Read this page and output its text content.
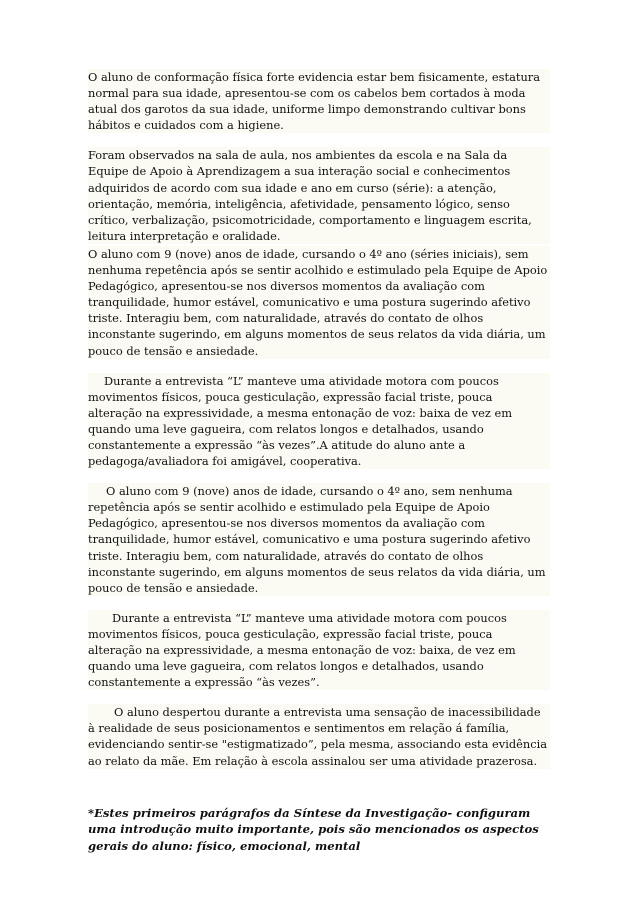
O aluno de conformação física forte evidencia estar bem fisicamente, estatura normal para sua idade, apresentou-se com os cabelos bem cortados à moda atual dos garotos da sua idade, uniforme limpo demonstrando cultivar bons hábitos e cuidados com a higiene.

Foram observados na sala de aula, nos ambientes da escola e na Sala da Equipe de Apoio à Aprendizagem a sua interação social e conhecimentos adquiridos de acordo com sua idade e ano em curso (série): a atenção, orientação, memória, inteligência, afetividade, pensamento lógico, senso crítico, verbalização, psicomotricidade, comportamento e linguagem escrita, leitura interpretação e oralidade.

O aluno com 9 (nove) anos de idade, cursando o 4º ano (séries iniciais), sem nenhuma repetência após se sentir acolhido e estimulado pela Equipe de Apoio Pedagógico, apresentou-se nos diversos momentos da avaliação com tranquilidade, humor estável, comunicativo e uma postura sugerindo afetivo triste. Interagiu bem, com naturalidade, através do contato de olhos inconstante sugerindo, em alguns momentos de seus relatos da vida diária, um pouco de tensão e ansiedade.

Durante a entrevista “L” manteve uma atividade motora com poucos movimentos físicos, pouca gesticulação, expressão facial triste, pouca alteração na expressividade, a mesma entonação de voz: baixa de vez em quando uma leve gagueira, com relatos longos e detalhados, usando constantemente a expressão “às vezes”.A atitude do aluno ante a pedagoga/avaliadora foi amigável, cooperativa.

O aluno com 9 (nove) anos de idade, cursando o 4º ano, sem nenhuma repetência após se sentir acolhido e estimulado pela Equipe de Apoio Pedagógico, apresentou-se nos diversos momentos da avaliação com tranquilidade, humor estável, comunicativo e uma postura sugerindo afetivo triste. Interagiu bem, com naturalidade, através do contato de olhos inconstante sugerindo, em alguns momentos de seus relatos da vida diária, um pouco de tensão e ansiedade.

Durante a entrevista “L” manteve uma atividade motora com poucos movimentos físicos, pouca gesticulação, expressão facial triste, pouca alteração na expressividade, a mesma entonação de voz: baixa, de vez em quando uma leve gagueira, com relatos longos e detalhados, usando constantemente a expressão “às vezes”.

O aluno despertou durante a entrevista uma sensação de inacessibilidade à realidade de seus posicionamentos e sentimentos em relação á família, evidenciando sentir-se "estigmatizado”, pela mesma, associando esta evidência ao relato da mãe. Em relação à escola assinalou ser uma atividade prazerosa.

*Estes primeiros parágrafos da Síntese da Investigação- configuram uma introdução muito importante, pois são mencionados os aspectos gerais do aluno: físico, emocional, mental
